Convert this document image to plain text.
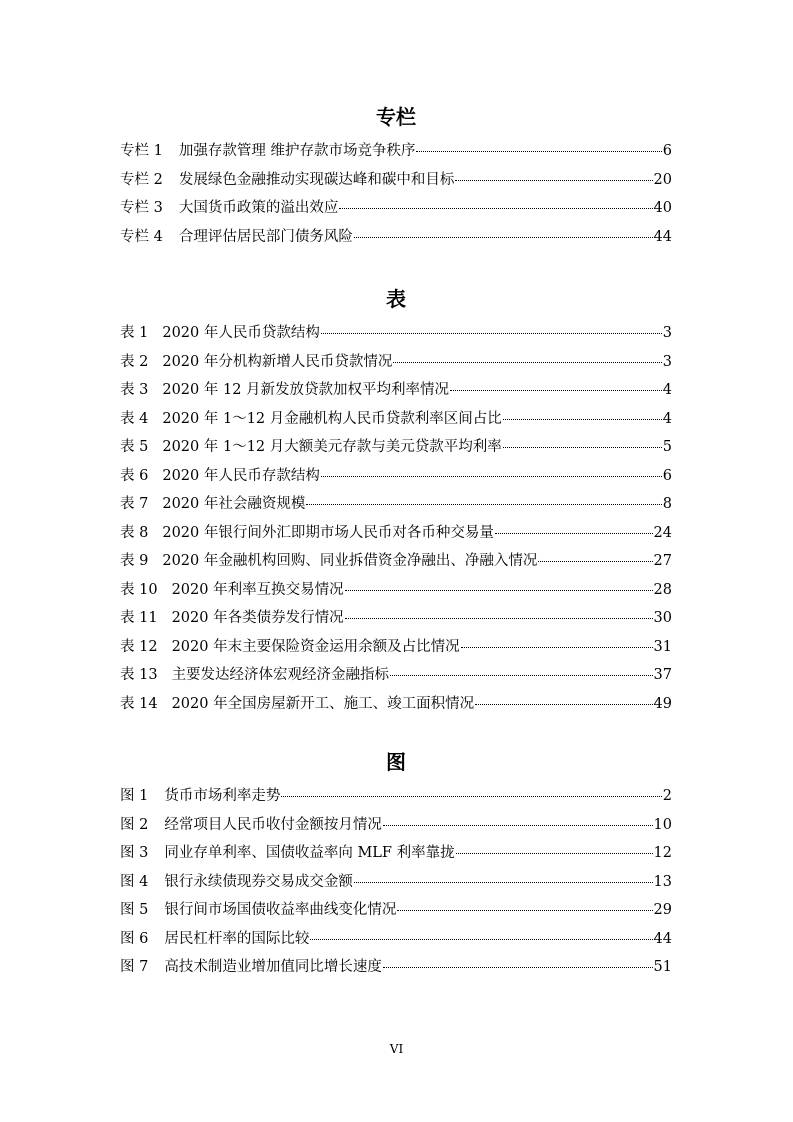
专栏
专栏 1 加强存款管理 维护存款市场竞争秩序	6
专栏 2 发展绿色金融推动实现碳达峰和碳中和目标	20
专栏 3 大国货币政策的溢出效应	40
专栏 4 合理评估居民部门债务风险	44
表
表 1 2020 年人民币贷款结构	3
表 2 2020 年分机构新增人民币贷款情况	3
表 3 2020 年 12 月新发放贷款加权平均利率情况	4
表 4 2020 年 1～12 月金融机构人民币贷款利率区间占比	4
表 5 2020 年 1～12 月大额美元存款与美元贷款平均利率	5
表 6 2020 年人民币存款结构	6
表 7 2020 年社会融资规模	8
表 8 2020 年银行间外汇即期市场人民币对各币种交易量	24
表 9 2020 年金融机构回购、同业拆借资金净融出、净融入情况	27
表 10 2020 年利率互换交易情况	28
表 11 2020 年各类债券发行情况	30
表 12 2020 年末主要保险资金运用余额及占比情况	31
表 13 主要发达经济体宏观经济金融指标	37
表 14 2020 年全国房屋新开工、施工、竣工面积情况	49
图
图 1 货币市场利率走势	2
图 2 经常项目人民币收付金额按月情况	10
图 3 同业存单利率、国债收益率向 MLF 利率靠拢	12
图 4 银行永续债现券交易成交金额	13
图 5 银行间市场国债收益率曲线变化情况	29
图 6 居民杠杆率的国际比较	44
图 7 高技术制造业增加值同比增长速度	51
VI
